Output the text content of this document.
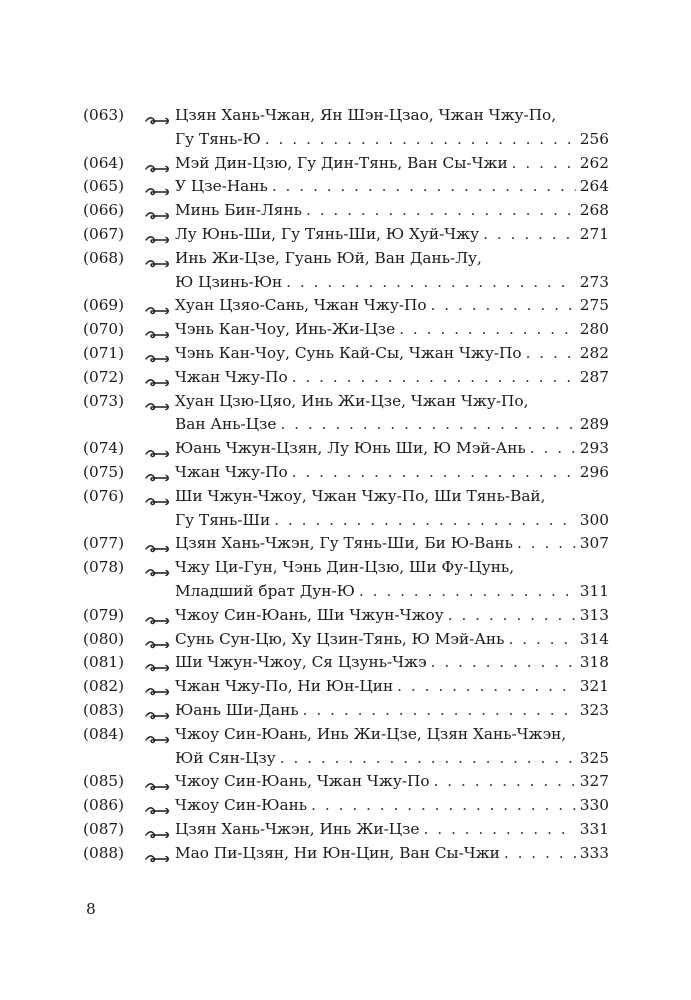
(063)	Цзян Хань-Чжан, Ян Шэн-Цзао, Чжан Чжу-По,
Гу Тянь-Ю . . .	256
(064)	Мэй Дин-Цзю, Гу Дин-Тянь, Ван Сы-Чжи . . .	262
(065)	У Цзе-Нань . . .	264
(066)	Минь Бин-Лянь . . .	268
(067)	Лу Юнь-Ши, Гу Тянь-Ши, Ю Хуй-Чжу . . .	271
(068)	Инь Жи-Цзе, Гуань Юй, Ван Дань-Лу,
Ю Цзинь-Юн . . .	273
(069)	Хуан Цзяо-Сань, Чжан Чжу-По . . .	275
(070)	Чэнь Кан-Чоу, Инь-Жи-Цзе . . .	280
(071)	Чэнь Кан-Чоу, Сунь Кай-Сы, Чжан Чжу-По . . .	282
(072)	Чжан Чжу-По . . .	287
(073)	Хуан Цзю-Цяо, Инь Жи-Цзе, Чжан Чжу-По,
Ван Ань-Цзе . . .	289
(074)	Юань Чжун-Цзян, Лу Юнь Ши, Ю Мэй-Ань . . .	293
(075)	Чжан Чжу-По . . .	296
(076)	Ши Чжун-Чжоу, Чжан Чжу-По, Ши Тянь-Вай,
Гу Тянь-Ши . . .	300
(077)	Цзян Хань-Чжэн, Гу Тянь-Ши, Би Ю-Вань . . .	307
(078)	Чжу Ци-Гун, Чэнь Дин-Цзю, Ши Фу-Цунь,
Младший брат Дун-Ю . . .	311
(079)	Чжоу Син-Юань, Ши Чжун-Чжоу . . .	313
(080)	Сунь Сун-Цю, Ху Цзин-Тянь, Ю Мэй-Ань . . .	314
(081)	Ши Чжун-Чжоу, Ся Цзунь-Чжэ . . .	318
(082)	Чжан Чжу-По, Ни Юн-Цин . . .	321
(083)	Юань Ши-Дань . . .	323
(084)	Чжоу Син-Юань, Инь Жи-Цзе, Цзян Хань-Чжэн,
Юй Сян-Цзу . . .	325
(085)	Чжоу Син-Юань, Чжан Чжу-По . . .	327
(086)	Чжоу Син-Юань . . .	330
(087)	Цзян Хань-Чжэн, Инь Жи-Цзе . . .	331
(088)	Мао Пи-Цзян, Ни Юн-Цин, Ван Сы-Чжи . . .	333
8
